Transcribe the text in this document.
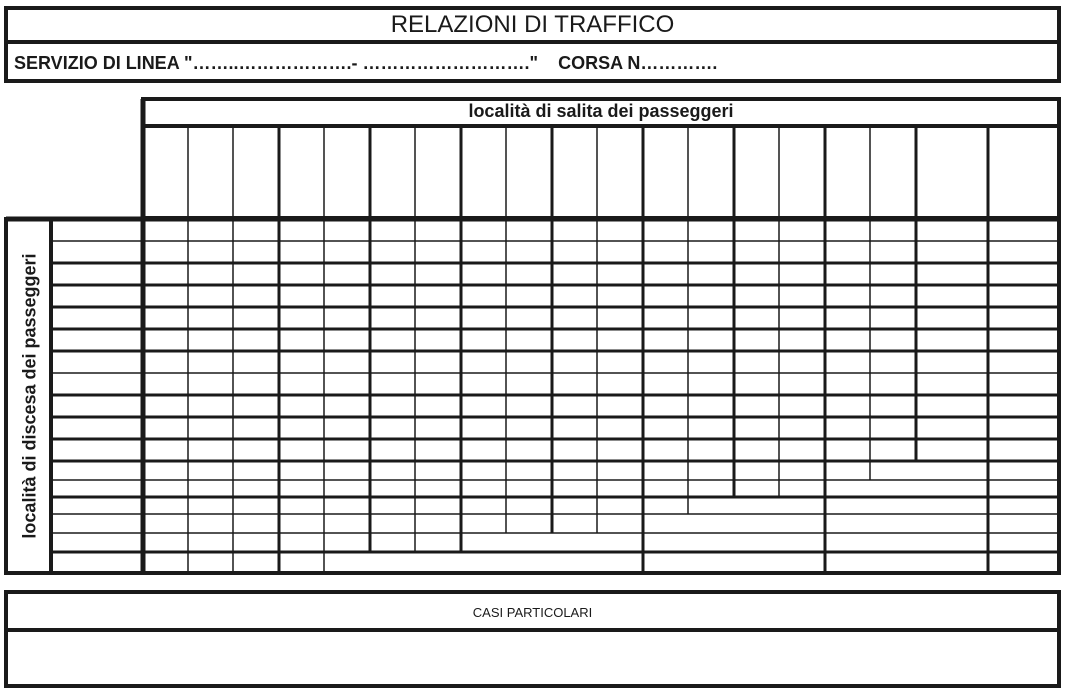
RELAZIONI DI TRAFFICO
SERVIZIO DI LINEA "……..……………….- ………………………."    CORSA N………….
località di salita dei passeggeri
località di discesa dei passeggeri
CASI PARTICOLARI
